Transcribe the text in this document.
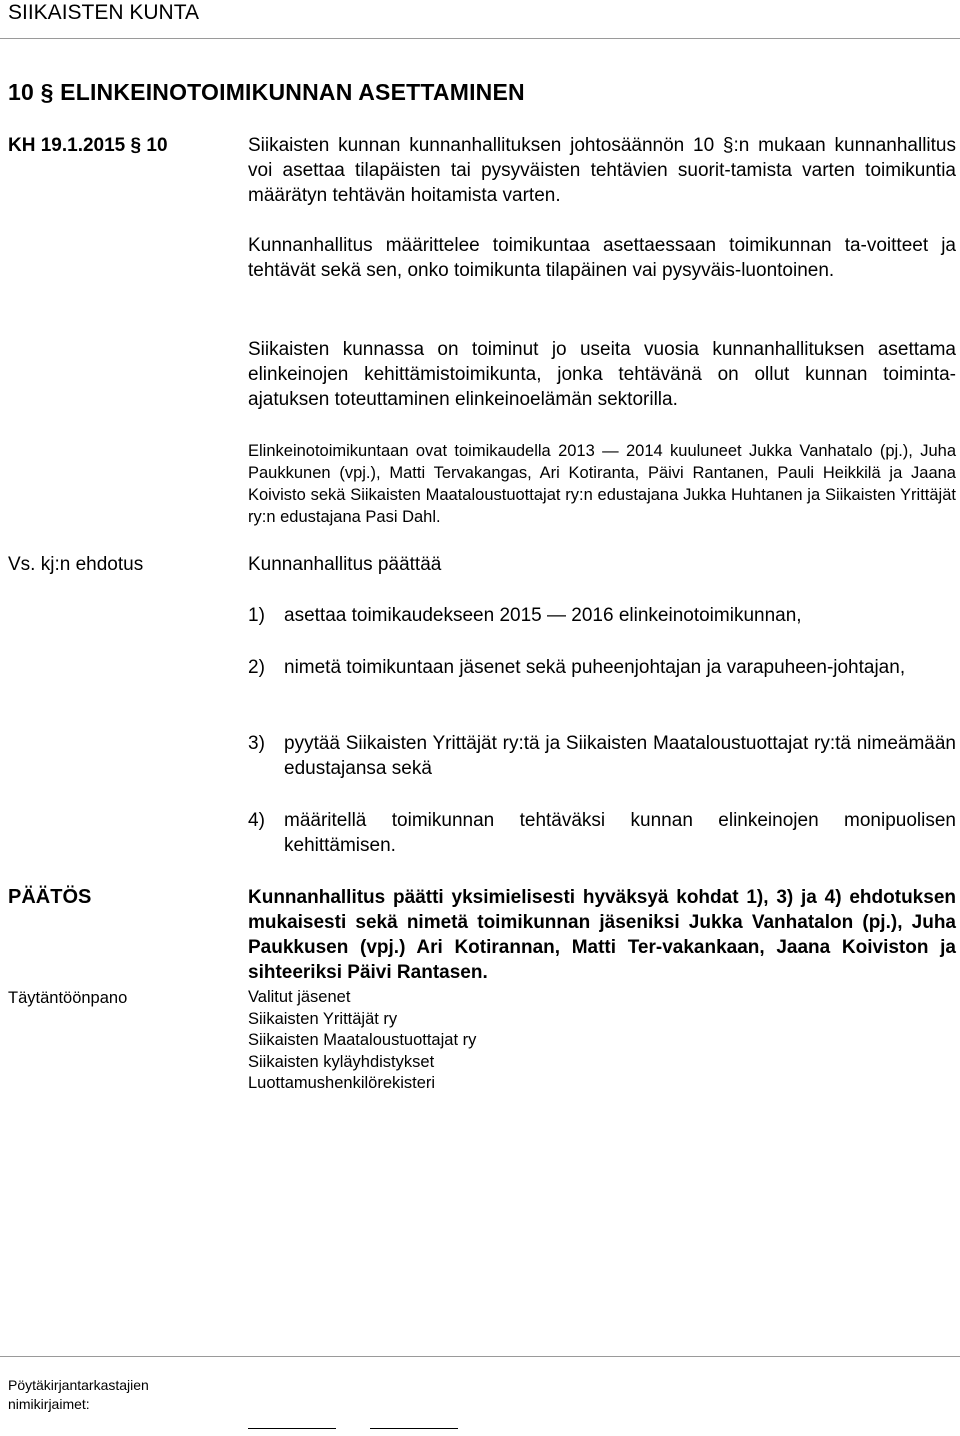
SIIKAISTEN KUNTA
10 § ELINKEINOTOIMIKUNNAN ASETTAMINEN
KH 19.1.2015 § 10	Siikaisten kunnan kunnanhallituksen johtosäännön 10 §:n mukaan kunnanhallitus voi asettaa tilapäisten tai pysyväisten tehtävien suorit-tamista varten toimikuntia määrätyn tehtävän hoitamista varten.

Kunnanhallitus määrittelee toimikuntaa asettaessaan toimikunnan ta-voitteet ja tehtävät sekä sen, onko toimikunta tilapäinen vai pysyväis-luontoinen.

Siikaisten kunnassa on toiminut jo useita vuosia kunnanhallituksen asettama elinkeinojen kehittämistoimikunta, jonka tehtävänä on ollut kunnan toiminta-ajatuksen toteuttaminen elinkeinoelämän sektorilla.

Elinkeinotoimikuntaan ovat toimikaudella 2013 — 2014 kuuluneet Jukka Vanhatalo (pj.), Juha Paukkunen (vpj.), Matti Tervakangas, Ari Kotiranta, Päivi Rantanen, Pauli Heikkilä ja Jaana Koivisto sekä Siikaisten Maataloustuottajat ry:n edustajana Jukka Huhtanen ja Siikaisten Yrittäjät ry:n edustajana Pasi Dahl.

Vs. kj:n ehdotus	Kunnanhallitus päättää
1) asettaa toimikaudekseen 2015 — 2016 elinkeinotoimikunnan,
2) nimetä toimikuntaan jäsenet sekä puheenjohtajan ja varapuheen-johtajan,
3) pyytää Siikaisten Yrittäjät ry:tä ja Siikaisten Maataloustuottajat ry:tä nimeämään edustajansa sekä
4) määritellä toimikunnan tehtäväksi kunnan elinkeinojen monipuolisen kehittämisen.
PÄÄTÖS	Kunnanhallitus päätti yksimielisesti hyväksyä kohdat 1), 3) ja 4) ehdotuksen mukaisesti sekä nimetä toimikunnan jäseniksi Jukka Vanhatalon (pj.), Juha Paukkusen (vpj.) Ari Kotirannan, Matti Ter-vakankaan, Jaana Koiviston ja sihteeriksi Päivi Rantasen.
Täytäntöönpano	Valitut jäsenet
Siikaisten Yrittäjät ry
Siikaisten Maataloustuottajat ry
Siikaisten kyläyhdistykset
Luottamushenkilörekisteri
Pöytäkirjantarkastajien nimikirjaimet:
